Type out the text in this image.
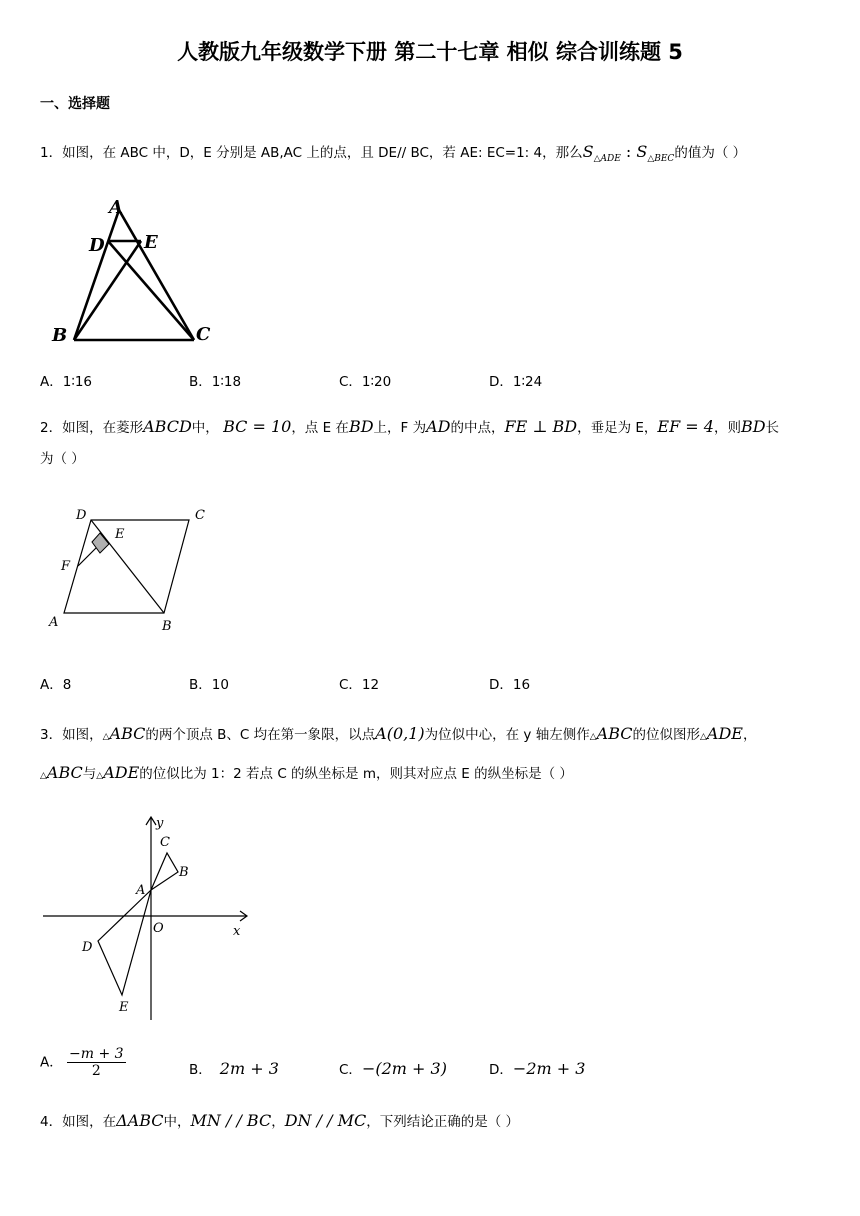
人教版九年级数学下册 第二十七章 相似 综合训练题 5
一、选择题
1．如图，在 ABC 中，D，E 分别是 AB,AC 上的点，且 DE// BC，若 AE: EC=1: 4，那么$S_{\triangle ADE}$ : $S_{\triangle BEC}$的值为（ ）
A
D E
B	C
A．1∶16	B．1∶18	C．1∶20	D．1∶24
2．如图，在菱形ABCD中， BC = 10，点 E 在BD上，F 为AD的中点，FE ⊥ BD，垂足为 E，EF = 4，则BD长
为（ ）
D	C
E
F
A	B
A．8	B．10	C．12	D．16
3．如图，△ABC的两个顶点 B、C 均在第一象限，以点A(0,1)为位似中心，在 y 轴左侧作△ABC的位似图形△ADE，
△ABC与△ADE的位似比为 1：2 若点 C 的纵坐标是 m，则其对应点 E 的纵坐标是（ ）
y
x
O
A
C
B
D
E
A． $\frac{-m + 3}{2}$	B． 2m + 3	C．−(2m + 3)	D．−2m + 3
4．如图，在ΔABC中，MN / / BC，DN / / MC，下列结论正确的是（ ）
